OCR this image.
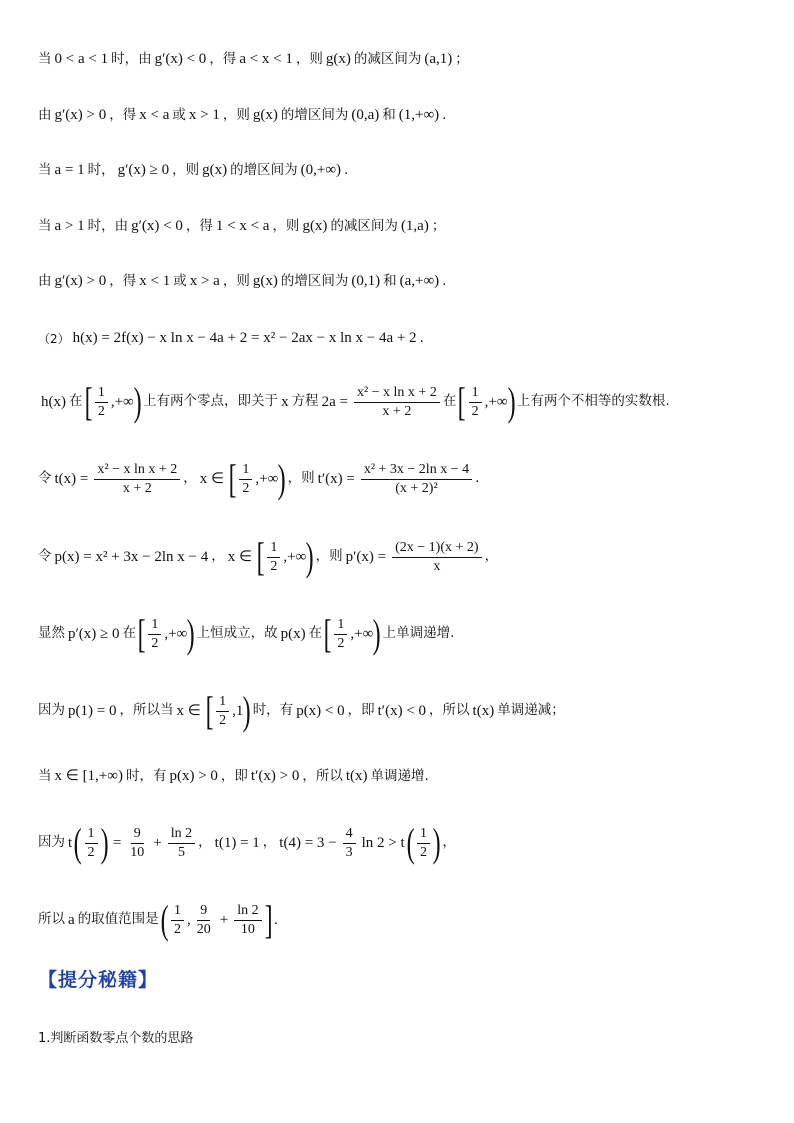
当 0 < a < 1 时，由 g′(x) < 0 ，得 a < x < 1 ，则 g(x) 的减区间为 (a,1) ；
由 g′(x) > 0 ，得 x < a 或 x > 1 ，则 g(x) 的增区间为 (0,a) 和 (1,+∞) .
当 a = 1 时， g′(x) ≥ 0 ，则 g(x) 的增区间为 (0,+∞) .
当 a > 1 时，由 g′(x) < 0 ，得 1 < x < a ，则 g(x) 的减区间为 (1,a) ；
由 g′(x) > 0 ，得 x < 1 或 x > a ，则 g(x) 的增区间为 (0,1) 和 (a,+∞) .
（2） h(x) = 2f(x) − x ln x − 4a + 2 = x² − 2ax − x ln x − 4a + 2 .
h(x) 在 [ $\frac{1}{2}$ ,+∞ ) 上有两个零点，即关于 x 方程 $2a = \frac{\text{x² − x ln x + 2}}{x + 2}$ 在 [ $\frac{1}{2}$ ,+∞ ) 上有两个不相等的实数根.
令 $t(x) = \frac{\text{x² − x ln x + 2}}{x + 2}$ ， x ∈ [ $\frac{1}{2}$ ,+∞ ) ，则 $t'(x) = \frac{\text{x² + 3x − 2ln x − 4}}{\text{(x + 2)²}}$ .
令 p(x) = x² + 3x − 2ln x − 4 ， x ∈ [ $\frac{1}{2}$ ,+∞ ) ，则 $p'(x) = \frac{(2x - 1)(x + 2)}{x}$ ，
显然 p′(x) ≥ 0 在 [ $\frac{1}{2}$ ,+∞ ) 上恒成立，故 p(x) 在 [ $\frac{1}{2}$ ,+∞ ) 上单调递增.
因为 p(1) = 0 ，所以当 x ∈ [ $\frac{1}{2} ,1$ ) 时，有 p(x) < 0 ，即 t′(x) < 0 ，所以 t(x) 单调递减；
当 x ∈ [1,+∞) 时，有 p(x) > 0 ，即 t′(x) > 0 ，所以 t(x) 单调递增.
因为 t ( $\frac{1}{2}$ ) = $\frac{9}{10} + \frac{\ln 2}{5}$ ， t(1) = 1 ， $t(4) = 3 - \frac{4}{3}$ ln 2 > t ( $\frac{1}{2}$ ) ，
所以 a 的取值范围是 ( $\frac{1}{2}$ , $\frac{9}{20} + \frac{\ln 2}{10}$ ] .
【提分秘籍】
1.判断函数零点个数的思路
